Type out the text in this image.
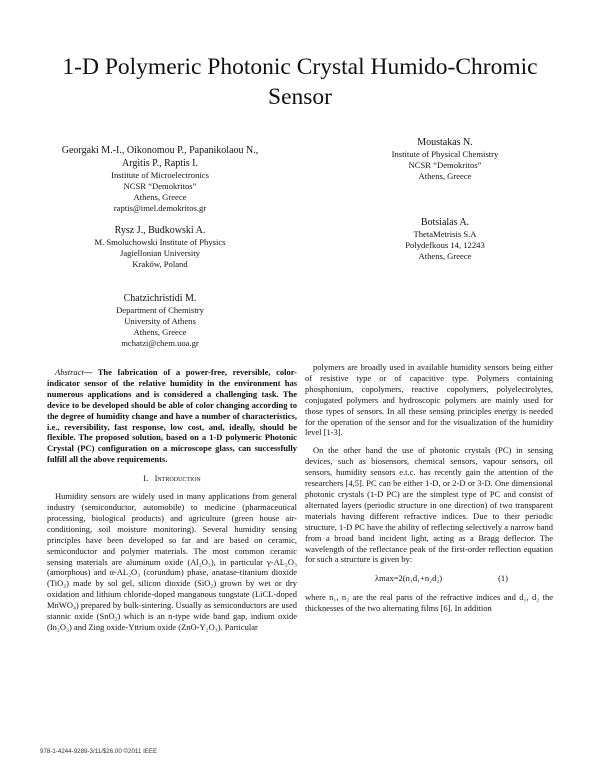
1-D Polymeric Photonic Crystal Humido-Chromic
Sensor
Georgaki M.-I., Oikonomou P., Papanikolaou N.,
Argitis P., Raptis I.
Institute of Microelectronics
NCSR “Demokritos”
Athens, Greece
raptis@imel.demokritos.gr
Rysz J., Budkowski A.
M. Smoluchowski Institute of Physics
Jagiellonian University
Kraków, Poland
Chatzichristidi M.
Department of Chemistry
University of Athens
Athens, Greece
mchatzi@chem.uoa.gr
Moustakas N.
Institute of Physical Chemistry
NCSR “Demokritos”
Athens, Greece
Botsialas A.
ThetaMetrisis S.A
Polydefkous 14, 12243
Athens, Greece

Abstract— The fabrication of a power-free, reversible, color-indicator sensor of the relative humidity in the environment has numerous applications and is considered a challenging task. The device to be developed should be able of color changing according to the degree of humidity change and have a number of characteristics, i.e., reversibility, fast response, low cost, and, ideally, should be flexible. The proposed solution, based on a 1-D polymeric Photonic Crystal (PC) configuration on a microscope glass, can successfully fulfill all the above requirements.

I. Introduction

Humidity sensors are widely used in many applications from general industry (semiconductor, automobile) to medicine (pharmaceutical processing, biological products) and agriculture (green house air-conditioning, soil moisture monitoring). Several humidity sensing principles have been developed so far and are based on ceramic, semiconductor and polymer materials. The most common ceramic sensing materials are aluminum oxide (Al₂O₃), in particular γ-AL₂O₃ (amorphous) and α-AL₂O₃ (corundum) phase, anatase-titanium dioxide (TiO₂) made by sol gel, silicon dioxide (SiO₂) grown by wet or dry oxidation and lithium chloride-doped manganous tungstate (LiCL-doped MnWO₄) prepared by bulk-sintering. Usually as semiconductors are used stannic oxide (SnO₂) which is an n-type wide band gap, indium oxide (In₂O₃) and Zing oxide-Yttrium oxide (ZnO-Y₂O₃). Particular

polymers are broadly used in available humidity sensors being either of resistive type or of capacitive type. Polymers containing phosphonium, copolymers, reactive copolymers, polyelectrolytes, conjugated polymers and hydroscopic polymers are mainly used for those types of sensors. In all these sensing principles energy is needed for the operation of the sensor and for the visualization of the humidity level [1-3].

On the other hand the use of photonic crystals (PC) in sensing devices, such as biosensors, chemical sensors, vapour sensors, oil sensors, humidity sensors e.t.c. has recently gain the attention of the researchers [4,5]. PC can be either 1-D, or 2-D or 3-D. One dimensional photonic crystals (1-D PC) are the simplest type of PC and consist of alternated layers (periodic structure in one direction) of two transparent materials having different refractive indices. Due to their periodic structure, 1-D PC have the ability of reflecting selectively a narrow band from a broad band incident light, acting as a Bragg deflector. The wavelength of the reflectance peak of the first-order reflection equation for such a structure is given by:

λmax=2(n₁d₁+n₂d₂)	(1)

where n₁, n₂ are the real parts of the refractive indices and d₁, d₂ the thicknesses of the two alternating films [6]. In addition

978-1-4244-9289-3/11/$26.00 ©2011 IEEE
